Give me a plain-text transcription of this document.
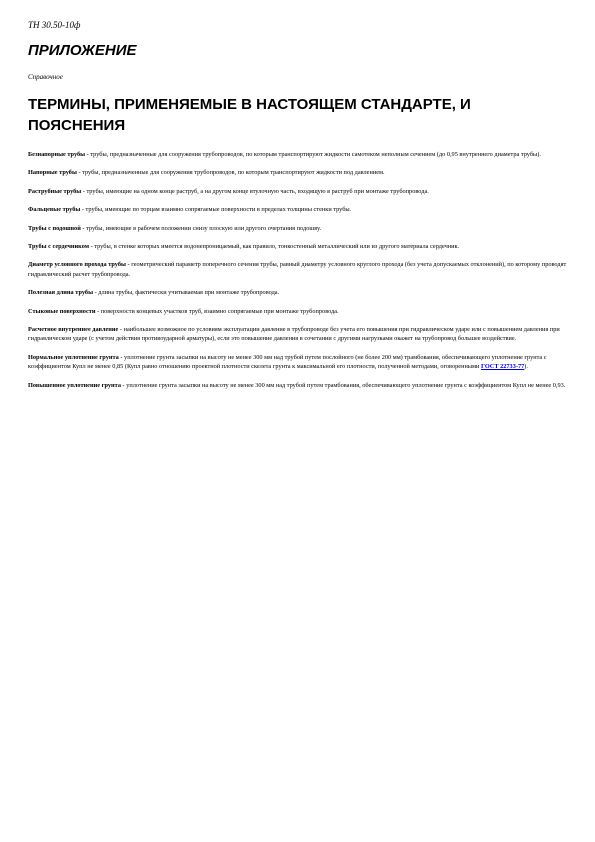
ТН 30.50-10ф
ПРИЛОЖЕНИЕ
Справочное
ТЕРМИНЫ, ПРИМЕНЯЕМЫЕ В НАСТОЯЩЕМ СТАНДАРТЕ, И ПОЯСНЕНИЯ

Безнапорные трубы - трубы, предназначенные для сооружения трубопроводов, по которым транспортируют жидкости самотеком неполным сечением (до 0,95 внутреннего диаметра трубы).

Напорные трубы - трубы, предназначенные для сооружения трубопроводов, по которым транспортируют жидкости под давлением.

Раструбные трубы - трубы, имеющие на одном конце раструб, а на другом конце втулочную часть, входящую в раструб при монтаже трубопровода.

Фальцевые трубы - трубы, имеющие по торцам взаимно сопрягаемые поверхности в пределах толщины стенки трубы.

Трубы с подошвой - трубы, имеющие в рабочем положении снизу плоскую или другого очертания подошву.

Трубы с сердечником - трубы, в стенке которых имеется водонепроницаемый, как правило, тонкостенный металлический или из другого материала сердечник.

Диаметр условного прохода трубы - геометрический параметр поперечного сечения трубы, равный диаметру условного круглого прохода (без учета допускаемых отклонений), по которому проводят гидравлический расчет трубопровода.

Полезная длина трубы - длина трубы, фактически учитываемая при монтаже трубопровода.

Стыковые поверхности - поверхности концевых участков труб, взаимно сопрягаемые при монтаже трубопровода.

Расчетное внутреннее давление - наибольшее возможное по условиям эксплуатации давление в трубопроводе без учета его повышения при гидравлическом ударе или с повышением давления при гидравлическом ударе (с учетом действия противоударной арматуры), если это повышение давления в сочетании с другими нагрузками окажет на трубопровод большее воздействие.

Нормальное уплотнение грунта - уплотнение грунта засыпки на высоту не менее 300 мм над трубой путем послойного (не более 200 мм) трамбования, обеспечивающего уплотнение грунта с коэффициентом Купл не менее 0,85 (Купл равно отношению проектной плотности скелета грунта к максимальной его плотности, полученной методами, оговоренными ГОСТ 22733-77).

Повышенное уплотнение грунта - уплотнение грунта засыпки на высоту не менее 300 мм над трубой путем трамбования, обеспечивающего уплотнение грунта с коэффициентом Купл не менее 0,93.
